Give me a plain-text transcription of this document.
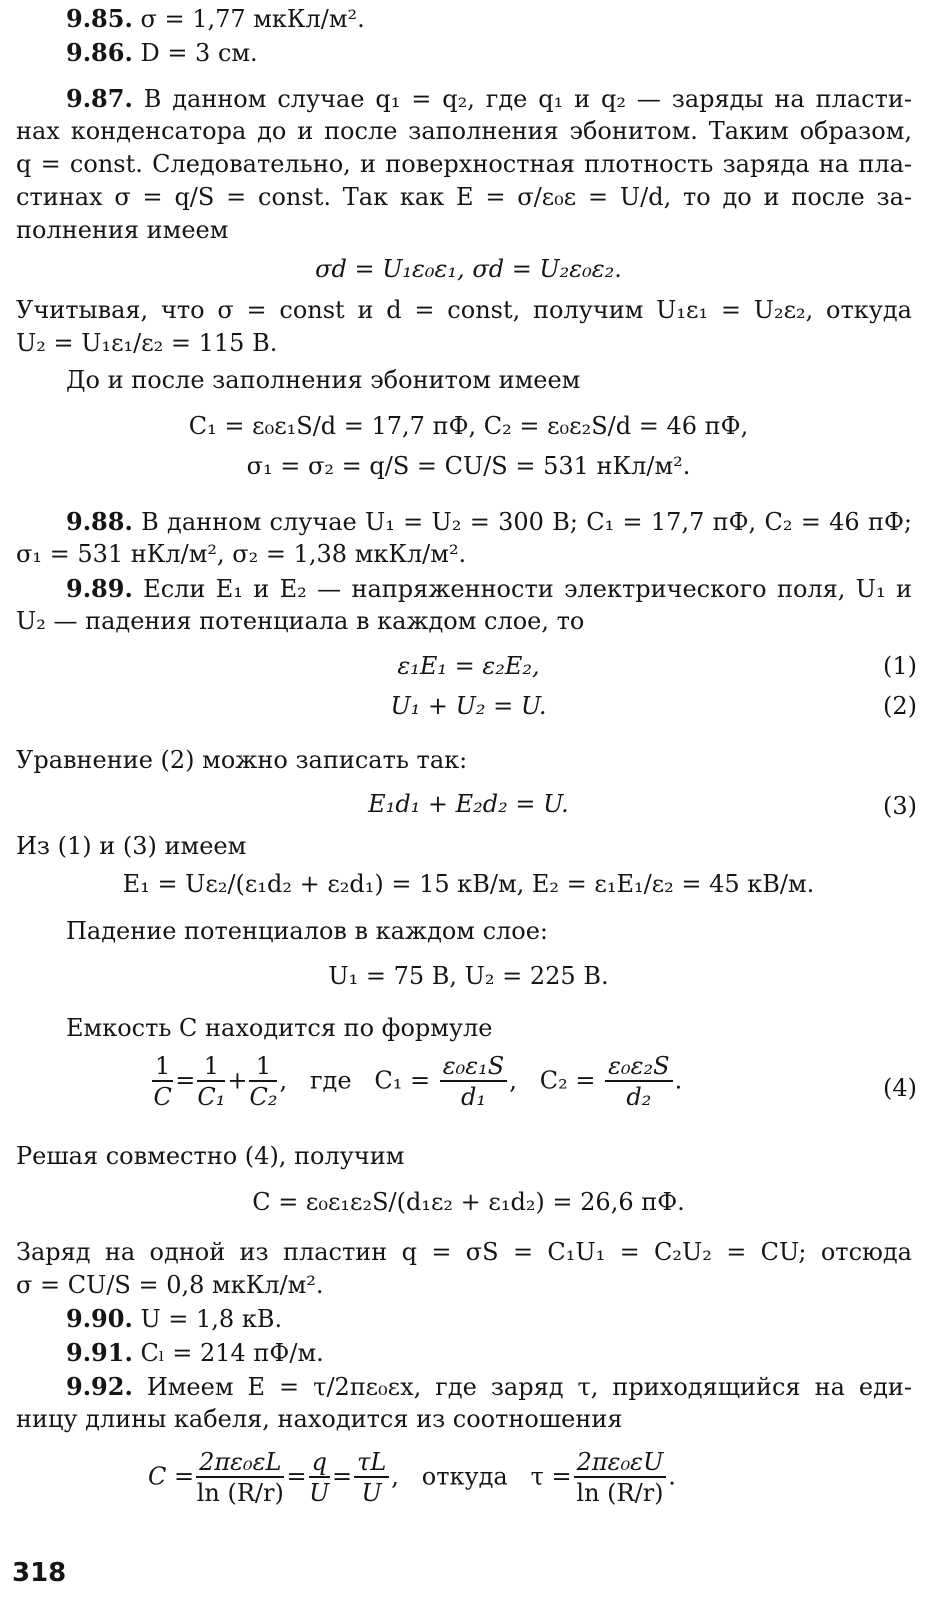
9.85. σ = 1,77 мкКл/м².
9.86. D = 3 см.
9.87. В данном случае q₁ = q₂, где q₁ и q₂ — заряды на пласти-
нах конденсатора до и после заполнения эбонитом. Таким образом,
q = const. Следовательно, и поверхностная плотность заряда на пла-
стинах σ = q/S = const. Так как E = σ/ε₀ε = U/d, то до и после за-
полнения имеем
σd = U₁ε₀ε₁, σd = U₂ε₀ε₂.
Учитывая, что σ = const и d = const, получим U₁ε₁ = U₂ε₂, откуда
U₂ = U₁ε₁/ε₂ = 115 В.
До и после заполнения эбонитом имеем
C₁ = ε₀ε₁S/d = 17,7 пФ, C₂ = ε₀ε₂S/d = 46 пФ,
σ₁ = σ₂ = q/S = CU/S = 531 нКл/м².
9.88. В данном случае U₁ = U₂ = 300 В; C₁ = 17,7 пФ, C₂ = 46 пФ;
σ₁ = 531 нКл/м², σ₂ = 1,38 мкКл/м².
9.89. Если E₁ и E₂ — напряженности электрического поля, U₁ и
U₂ — падения потенциала в каждом слое, то
ε₁E₁ = ε₂E₂,	(1)
U₁ + U₂ = U.	(2)
Уравнение (2) можно записать так:
E₁d₁ + E₂d₂ = U.	(3)
Из (1) и (3) имеем
E₁ = Uε₂/(ε₁d₂ + ε₂d₁) = 15 кВ/м, E₂ = ε₁E₁/ε₂ = 45 кВ/м.
Падение потенциалов в каждом слое:
U₁ = 75 В, U₂ = 225 В.
Емкость C находится по формуле
$\frac{1}{C} = \frac{1}{\text{C₁}} + \frac{1}{\text{C₂}}$ ,   где   $C_1 = \frac{\text{ε₀ε₁S}}{\text{d₁}}$ ,   $C_2 = \frac{\text{ε₀ε₂S}}{\text{d₂}}$ .	(4)
Решая совместно (4), получим
C = ε₀ε₁ε₂S/(d₁ε₂ + ε₁d₂) = 26,6 пФ.
Заряд на одной из пластин q = σS = C₁U₁ = C₂U₂ = CU; отсюда
σ = CU/S = 0,8 мкКл/м².
9.90. U = 1,8 кВ.
9.91. Cₗ = 214 пФ/м.
9.92. Имеем E = τ/2πε₀εx, где заряд τ, приходящийся на еди-
ницу длины кабеля, находится из соотношения
$C = \frac{\text{2πε₀εL}}{\ln (R/r)} = \frac{q}{U} = \frac{\tau L}{U}$ ,   откуда   $\tau = \frac{\text{2πε₀εU}}{\ln (R/r)}$ .
318
